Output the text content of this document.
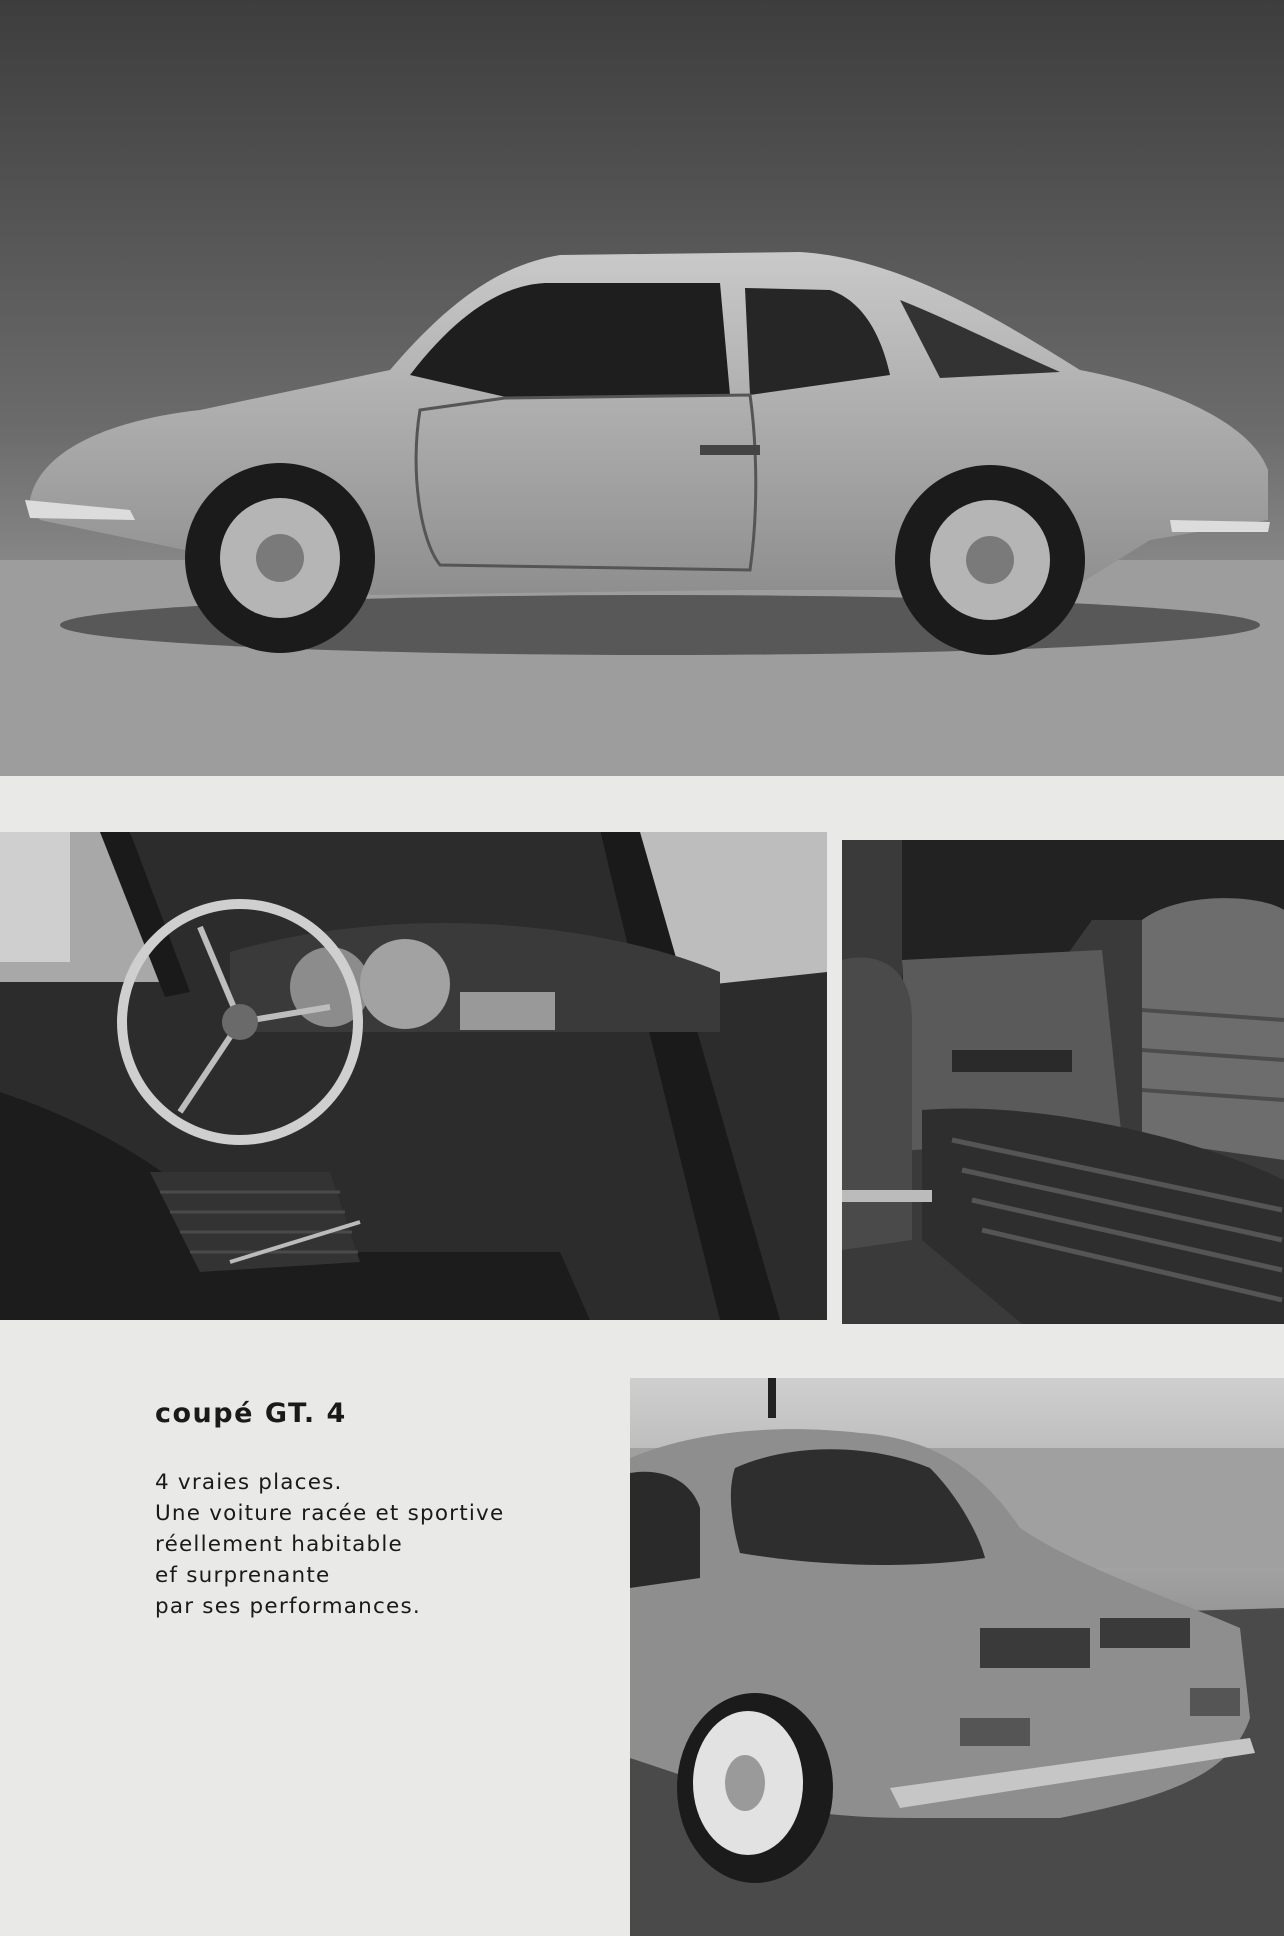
coupé GT. 4
4 vraies places.
Une voiture racée et sportive
réellement habitable
ef surprenante
par ses performances.
